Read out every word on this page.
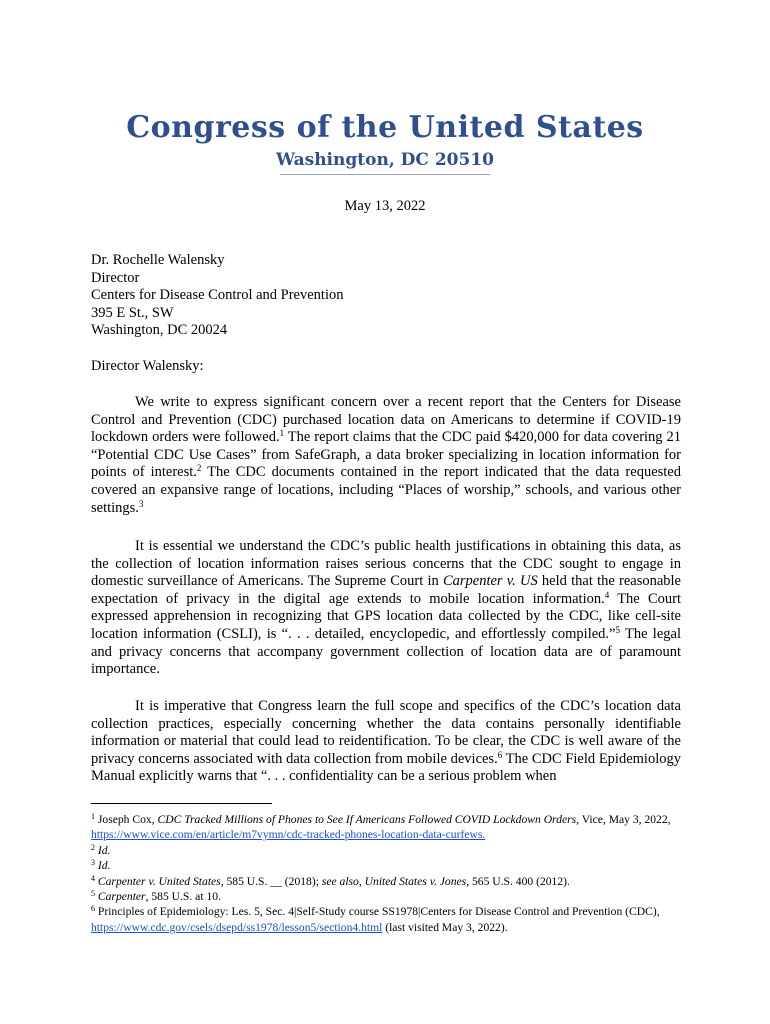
Congress of the United States
Washington, DC 20510
May 13, 2022
Dr. Rochelle Walensky
Director
Centers for Disease Control and Prevention
395 E St., SW
Washington, DC 20024
Director Walensky:

We write to express significant concern over a recent report that the Centers for Disease Control and Prevention (CDC) purchased location data on Americans to determine if COVID-19 lockdown orders were followed.$^1$ The report claims that the CDC paid $420,000 for data covering 21 “Potential CDC Use Cases” from SafeGraph, a data broker specializing in location information for points of interest.$^2$ The CDC documents contained in the report indicated that the data requested covered an expansive range of locations, including “Places of worship,” schools, and various other settings.$^3$

It is essential we understand the CDC’s public health justifications in obtaining this data, as the collection of location information raises serious concerns that the CDC sought to engage in domestic surveillance of Americans. The Supreme Court in Carpenter v. US held that the reasonable expectation of privacy in the digital age extends to mobile location information.$^4$ The Court expressed apprehension in recognizing that GPS location data collected by the CDC, like cell-site location information (CSLI), is “. . . detailed, encyclopedic, and effortlessly compiled.”$^5$ The legal and privacy concerns that accompany government collection of location data are of paramount importance.

It is imperative that Congress learn the full scope and specifics of the CDC’s location data collection practices, especially concerning whether the data contains personally identifiable information or material that could lead to reidentification. To be clear, the CDC is well aware of the privacy concerns associated with data collection from mobile devices.$^6$ The CDC Field Epidemiology Manual explicitly warns that “. . . confidentiality can be a serious problem when

$^1$ Joseph Cox, CDC Tracked Millions of Phones to See If Americans Followed COVID Lockdown Orders, Vice, May 3, 2022, https://www.vice.com/en/article/m7vymn/cdc-tracked-phones-location-data-curfews.

$^2$ Id.

$^3$ Id.

$^4$ Carpenter v. United States, 585 U.S. __ (2018); see also, United States v. Jones, 565 U.S. 400 (2012).

$^5$ Carpenter, 585 U.S. at 10.

$^6$ Principles of Epidemiology: Les. 5, Sec. 4|Self-Study course SS1978|Centers for Disease Control and Prevention (CDC), https://www.cdc.gov/csels/dsepd/ss1978/lesson5/section4.html (last visited May 3, 2022).
